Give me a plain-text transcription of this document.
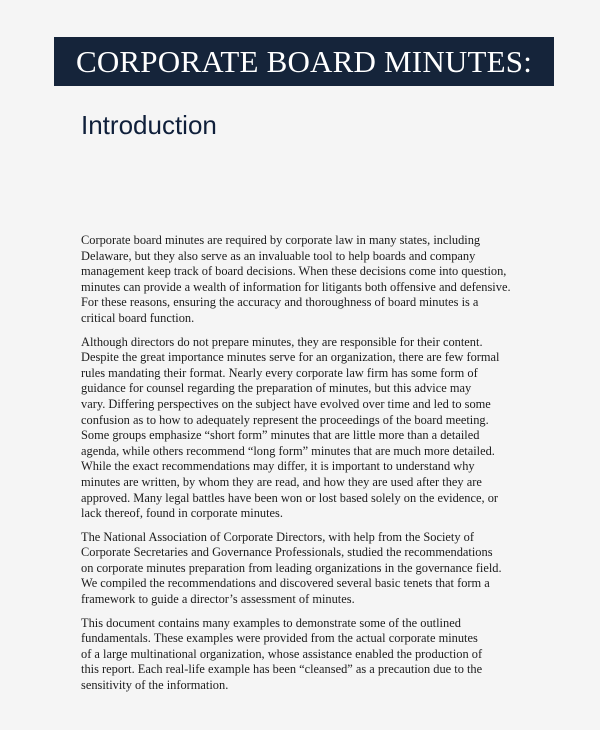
CORPORATE BOARD MINUTES:
Introduction

Corporate board minutes are required by corporate law in many states, including
Delaware, but they also serve as an invaluable tool to help boards and company
management keep track of board decisions. When these decisions come into question,
minutes can provide a wealth of information for litigants both offensive and defensive.
For these reasons, ensuring the accuracy and thoroughness of board minutes is a
critical board function.

Although directors do not prepare minutes, they are responsible for their content.
Despite the great importance minutes serve for an organization, there are few formal
rules mandating their format. Nearly every corporate law firm has some form of
guidance for counsel regarding the preparation of minutes, but this advice may
vary. Differing perspectives on the subject have evolved over time and led to some
confusion as to how to adequately represent the proceedings of the board meeting.
Some groups emphasize “short form” minutes that are little more than a detailed
agenda, while others recommend “long form” minutes that are much more detailed.
While the exact recommendations may differ, it is important to understand why
minutes are written, by whom they are read, and how they are used after they are
approved. Many legal battles have been won or lost based solely on the evidence, or
lack thereof, found in corporate minutes.

The National Association of Corporate Directors, with help from the Society of
Corporate Secretaries and Governance Professionals, studied the recommendations
on corporate minutes preparation from leading organizations in the governance field.
We compiled the recommendations and discovered several basic tenets that form a
framework to guide a director’s assessment of minutes.

This document contains many examples to demonstrate some of the outlined
fundamentals. These examples were provided from the actual corporate minutes
of a large multinational organization, whose assistance enabled the production of
this report. Each real-life example has been “cleansed” as a precaution due to the
sensitivity of the information.
